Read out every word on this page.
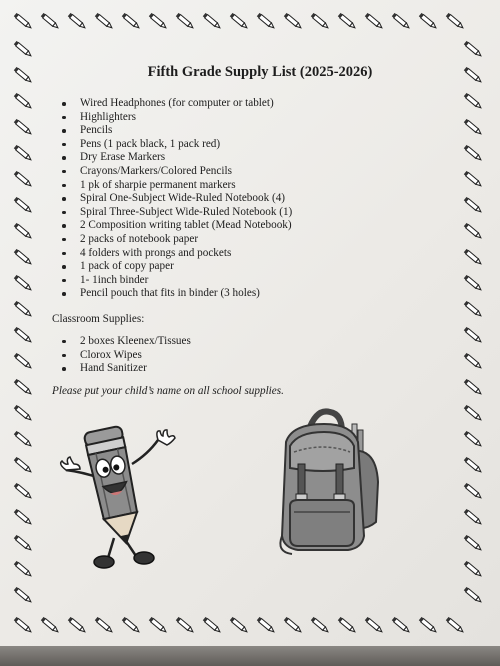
Fifth Grade Supply List (2025-2026)
Wired Headphones (for computer or tablet)
Highlighters
Pencils
Pens (1 pack black, 1 pack red)
Dry Erase Markers
Crayons/Markers/Colored Pencils
1 pk of sharpie permanent markers
Spiral One-Subject Wide-Ruled Notebook (4)
Spiral Three-Subject Wide-Ruled Notebook (1)
2 Composition writing tablet (Mead Notebook)
2 packs of notebook paper
4 folders with prongs and pockets
1 pack of copy paper
1- 1inch binder
Pencil pouch that fits in binder (3 holes)
Classroom Supplies:
2 boxes Kleenex/Tissues
Clorox Wipes
Hand Sanitizer
Please put your child’s name on all school supplies.
